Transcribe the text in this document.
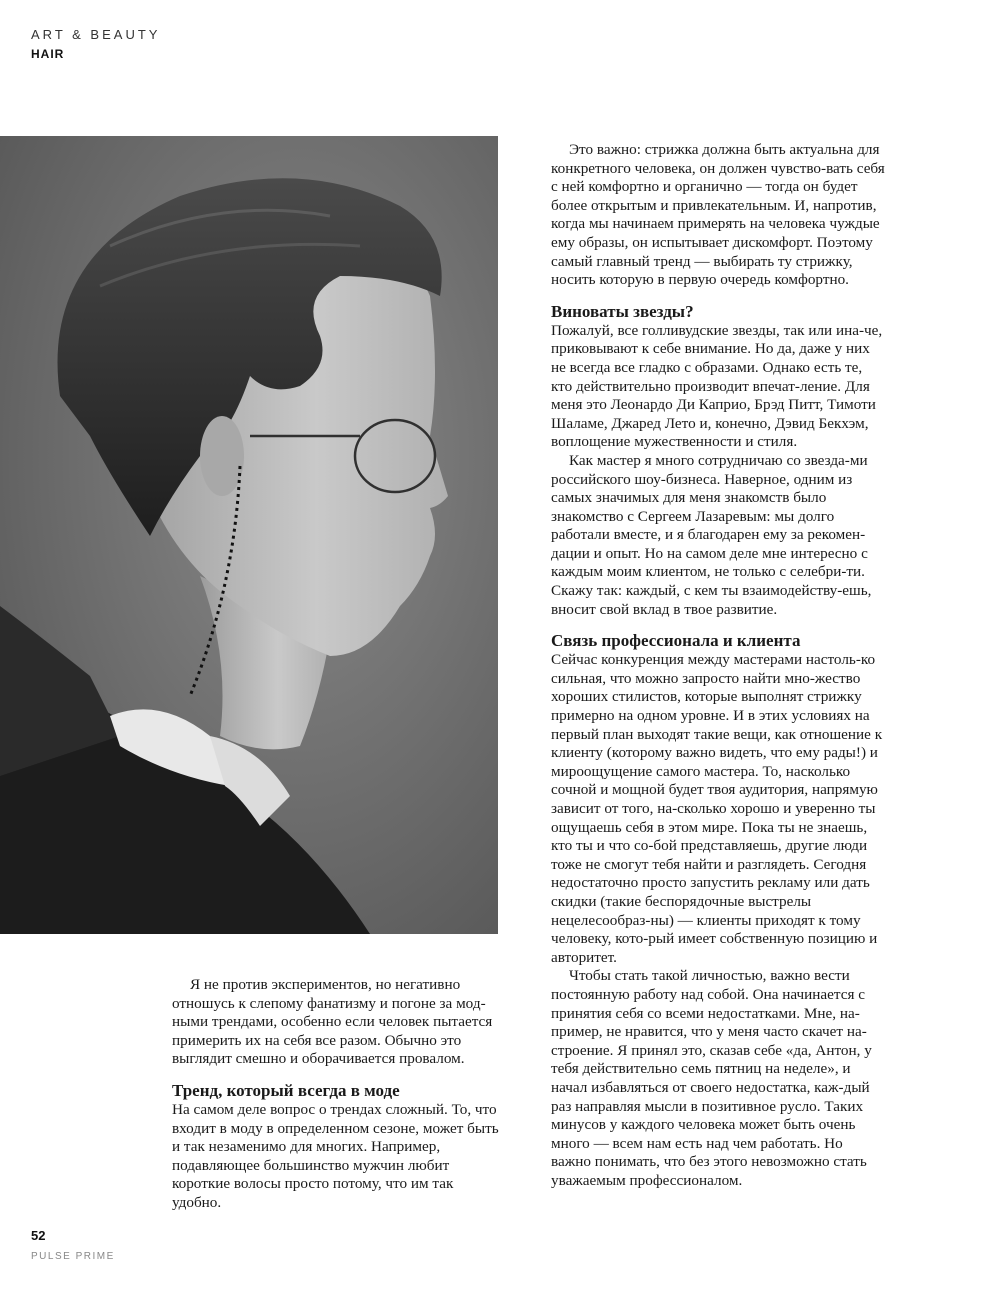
ART & BEAUTY
HAIR

Это важно: стрижка должна быть актуальна для конкретного человека, он должен чувство-вать себя с ней комфортно и органично — тогда он будет более открытым и привлекательным. И, напротив, когда мы начинаем примерять на человека чуждые ему образы, он испытывает дискомфорт. Поэтому самый главный тренд — выбирать ту стрижку, носить которую в первую очередь комфортно.

Виноваты звезды?

Пожалуй, все голливудские звезды, так или ина-че, приковывают к себе внимание. Но да, даже у них не всегда все гладко с образами. Однако есть те, кто действительно производит впечат-ление. Для меня это Леонардо Ди Каприо, Брэд Питт, Тимоти Шаламе, Джаред Лето и, конечно, Дэвид Бекхэм, воплощение мужественности и стиля.

Как мастер я много сотрудничаю со звезда-ми российского шоу-бизнеса. Наверное, одним из самых значимых для меня знакомств было знакомство с Сергеем Лазаревым: мы долго работали вместе, и я благодарен ему за рекомен-дации и опыт. Но на самом деле мне интересно с каждым моим клиентом, не только с селебри-ти. Скажу так: каждый, с кем ты взаимодейству-ешь, вносит свой вклад в твое развитие.

Связь профессионала и клиента

Сейчас конкуренция между мастерами настоль-ко сильная, что можно запросто найти мно-жество хороших стилистов, которые выполнят стрижку примерно на одном уровне. И в этих условиях на первый план выходят такие вещи, как отношение к клиенту (которому важно видеть, что ему рады!) и мироощущение самого мастера. То, насколько сочной и мощной будет твоя аудитория, напрямую зависит от того, на-сколько хорошо и уверенно ты ощущаешь себя в этом мире. Пока ты не знаешь, кто ты и что со-бой представляешь, другие люди тоже не смогут тебя найти и разглядеть. Сегодня недостаточно просто запустить рекламу или дать скидки (такие беспорядочные выстрелы нецелесообраз-ны) — клиенты приходят к тому человеку, кото-рый имеет собственную позицию и авторитет.

Чтобы стать такой личностью, важно вести постоянную работу над собой. Она начинается с принятия себя со всеми недостатками. Мне, на-пример, не нравится, что у меня часто скачет на-строение. Я принял это, сказав себе «да, Антон, у тебя действительно семь пятниц на неделе», и начал избавляться от своего недостатка, каж-дый раз направляя мысли в позитивное русло. Таких минусов у каждого человека может быть очень много — всем нам есть над чем работать. Но важно понимать, что без этого невозможно стать уважаемым профессионалом.

Я не против экспериментов, но негативно отношусь к слепому фанатизму и погоне за мод-ными трендами, особенно если человек пытается примерить их на себя все разом. Обычно это выглядит смешно и оборачивается провалом.

Тренд, который всегда в моде

На самом деле вопрос о трендах сложный. То, что входит в моду в определенном сезоне, может быть и так незаменимо для многих. Например, подавляющее большинство мужчин любит короткие волосы просто потому, что им так удобно.

52
PULSE PRIME
